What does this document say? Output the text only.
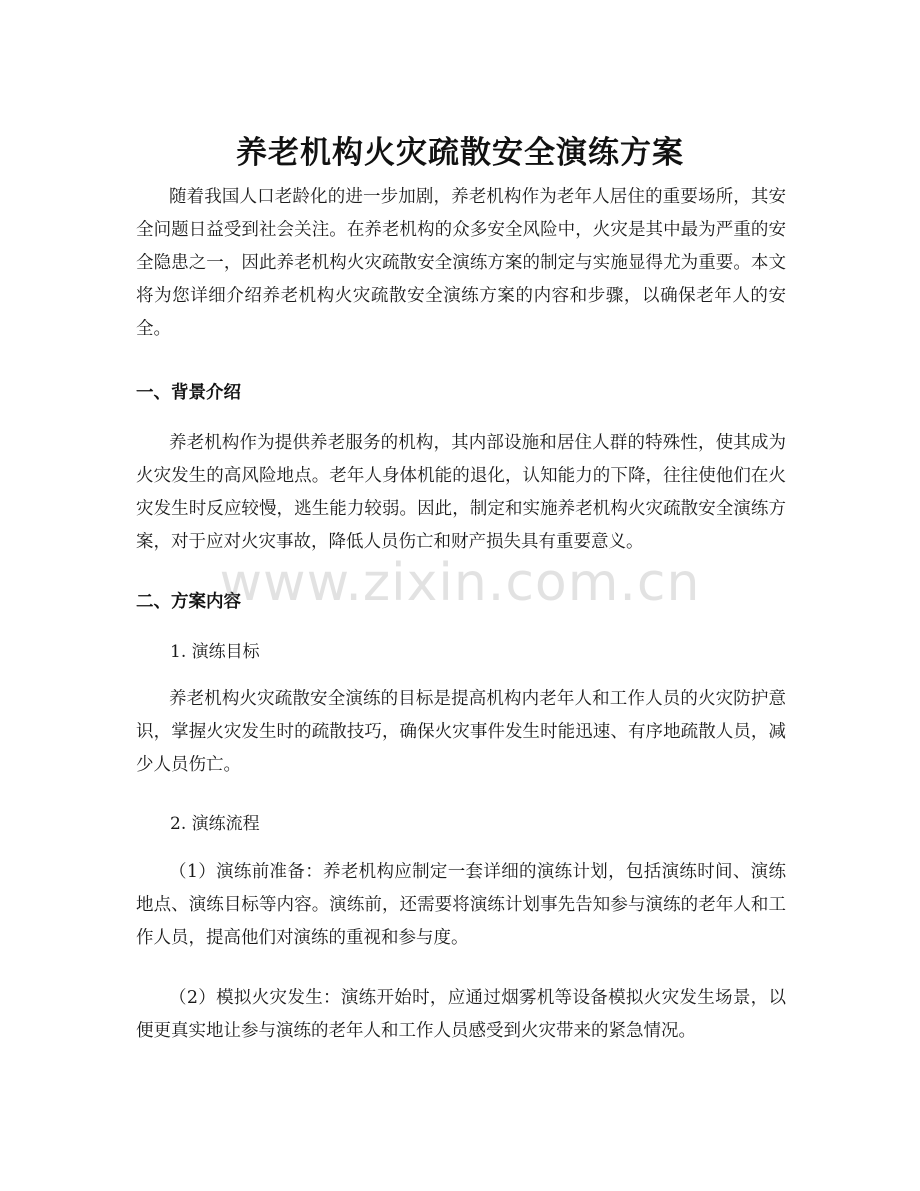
养老机构火灾疏散安全演练方案

随着我国人口老龄化的进一步加剧，养老机构作为老年人居住的重要场所，其安全问题日益受到社会关注。在养老机构的众多安全风险中，火灾是其中最为严重的安全隐患之一，因此养老机构火灾疏散安全演练方案的制定与实施显得尤为重要。本文将为您详细介绍养老机构火灾疏散安全演练方案的内容和步骤，以确保老年人的安全。

一、背景介绍

养老机构作为提供养老服务的机构，其内部设施和居住人群的特殊性，使其成为火灾发生的高风险地点。老年人身体机能的退化，认知能力的下降，往往使他们在火灾发生时反应较慢，逃生能力较弱。因此，制定和实施养老机构火灾疏散安全演练方案，对于应对火灾事故，降低人员伤亡和财产损失具有重要意义。

二、方案内容

1. 演练目标

养老机构火灾疏散安全演练的目标是提高机构内老年人和工作人员的火灾防护意识，掌握火灾发生时的疏散技巧，确保火灾事件发生时能迅速、有序地疏散人员，减少人员伤亡。

2. 演练流程

（1）演练前准备：养老机构应制定一套详细的演练计划，包括演练时间、演练地点、演练目标等内容。演练前，还需要将演练计划事先告知参与演练的老年人和工作人员，提高他们对演练的重视和参与度。

（2）模拟火灾发生：演练开始时，应通过烟雾机等设备模拟火灾发生场景，以便更真实地让参与演练的老年人和工作人员感受到火灾带来的紧急情况。

www.zixin.com.cn
